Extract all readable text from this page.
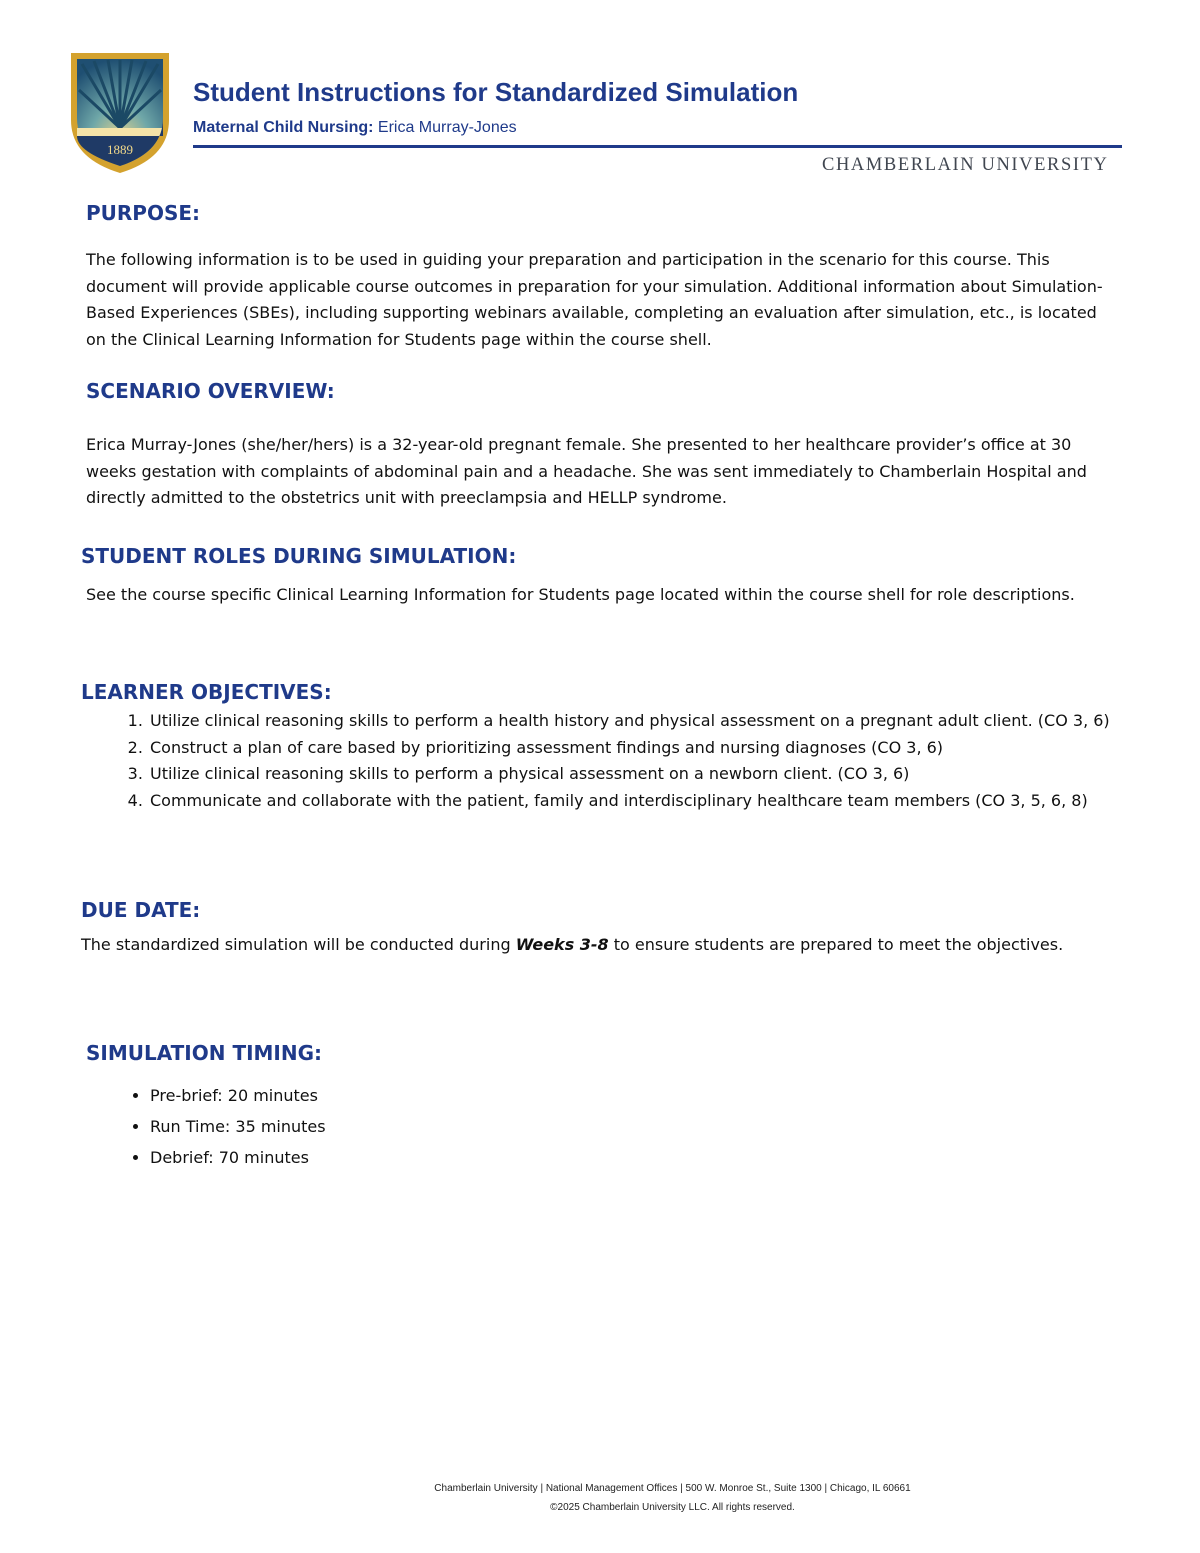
1889
Student Instructions for Standardized Simulation
Maternal Child Nursing: Erica Murray-Jones
CHAMBERLAIN UNIVERSITY
PURPOSE:

The following information is to be used in guiding your preparation and participation in the scenario for this course. This document will provide applicable course outcomes in preparation for your simulation. Additional information about Simulation-Based Experiences (SBEs), including supporting webinars available, completing an evaluation after simulation, etc., is located on the Clinical Learning Information for Students page within the course shell.

SCENARIO OVERVIEW:

Erica Murray-Jones (she/her/hers) is a 32-year-old pregnant female. She presented to her healthcare provider’s office at 30 weeks gestation with complaints of abdominal pain and a headache. She was sent immediately to Chamberlain Hospital and directly admitted to the obstetrics unit with preeclampsia and HELLP syndrome.

STUDENT ROLES DURING SIMULATION:

See the course specific Clinical Learning Information for Students page located within the course shell for role descriptions.

LEARNER OBJECTIVES:
1. Utilize clinical reasoning skills to perform a health history and physical assessment on a pregnant adult client. (CO 3, 6)
2. Construct a plan of care based by prioritizing assessment findings and nursing diagnoses (CO 3, 6)
3. Utilize clinical reasoning skills to perform a physical assessment on a newborn client. (CO 3, 6)
4. Communicate and collaborate with the patient, family and interdisciplinary healthcare team members (CO 3, 5, 6, 8)
DUE DATE:

The standardized simulation will be conducted during Weeks 3-8 to ensure students are prepared to meet the objectives.

SIMULATION TIMING:
• Pre-brief: 20 minutes
• Run Time: 35 minutes
• Debrief: 70 minutes
Chamberlain University | National Management Offices | 500 W. Monroe St., Suite 1300 | Chicago, IL 60661
©2025 Chamberlain University LLC. All rights reserved.
